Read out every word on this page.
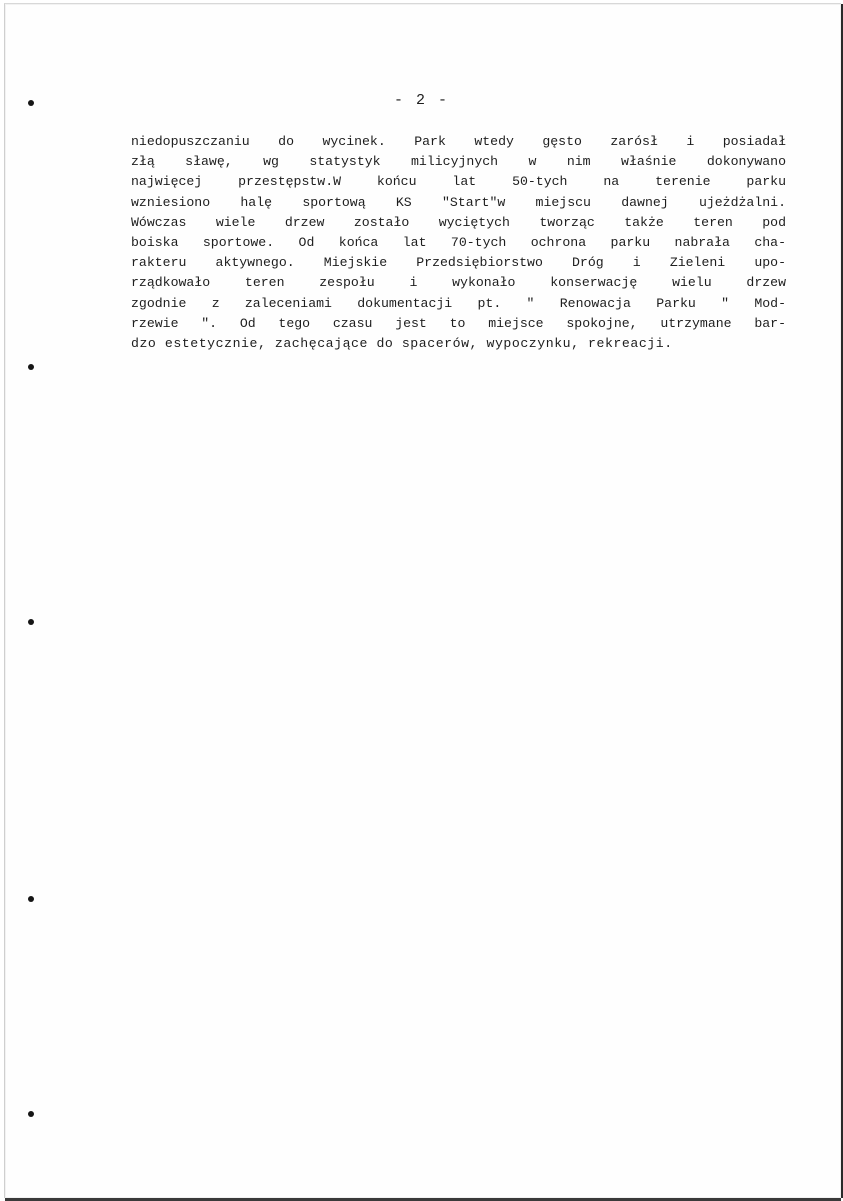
- 2 -
niedopuszczaniu do wycinek. Park wtedy gęsto zarósł i posiadał
złą sławę, wg statystyk milicyjnych w nim właśnie dokonywano
najwięcej przestępstw.W końcu lat 50-tych na terenie parku
wzniesiono halę sportową KS "Start"w miejscu dawnej ujeżdżalni.
Wówczas wiele drzew zostało wyciętych tworząc także teren pod
boiska sportowe. Od końca lat 70-tych ochrona parku nabrała cha-
rakteru aktywnego. Miejskie Przedsiębiorstwo Dróg i Zieleni upo-
rządkowało teren zespołu i wykonało konserwację wielu drzew
zgodnie z zaleceniami dokumentacji pt. " Renowacja Parku " Mod-
rzewie ". Od tego czasu jest to miejsce spokojne, utrzymane bar-
dzo estetycznie, zachęcające do spacerów, wypoczynku, rekreacji.
